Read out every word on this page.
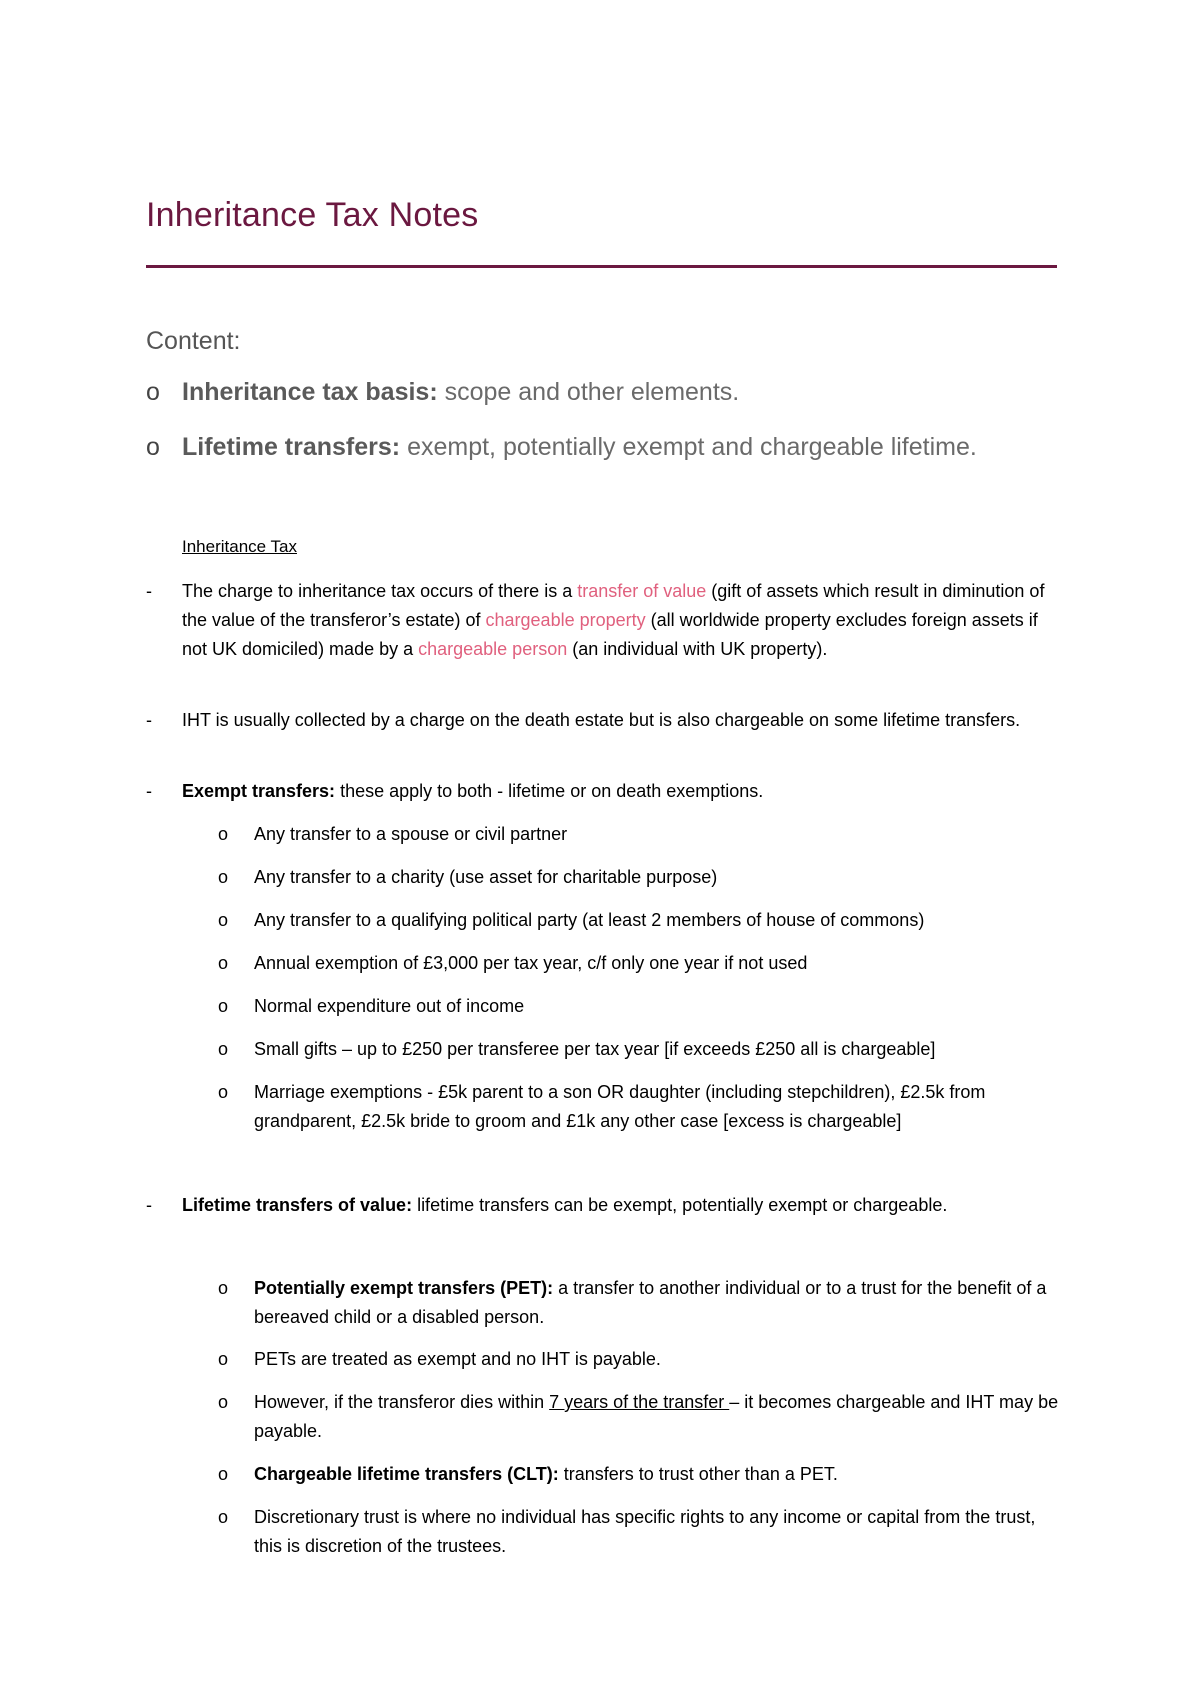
Inheritance Tax Notes
Content:
o Inheritance tax basis: scope and other elements.
o Lifetime transfers: exempt, potentially exempt and chargeable lifetime.
Inheritance Tax
- The charge to inheritance tax occurs of there is a transfer of value (gift of assets which result in diminution of the value of the transferor’s estate) of chargeable property (all worldwide property excludes foreign assets if not UK domiciled) made by a chargeable person (an individual with UK property).
- IHT is usually collected by a charge on the death estate but is also chargeable on some lifetime transfers.
- Exempt transfers: these apply to both - lifetime or on death exemptions.
o Any transfer to a spouse or civil partner
o Any transfer to a charity (use asset for charitable purpose)
o Any transfer to a qualifying political party (at least 2 members of house of commons)
o Annual exemption of £3,000 per tax year, c/f only one year if not used
o Normal expenditure out of income
o Small gifts – up to £250 per transferee per tax year [if exceeds £250 all is chargeable]
o Marriage exemptions - £5k parent to a son OR daughter (including stepchildren), £2.5k from grandparent, £2.5k bride to groom and £1k any other case [excess is chargeable]
- Lifetime transfers of value: lifetime transfers can be exempt, potentially exempt or chargeable.
o Potentially exempt transfers (PET): a transfer to another individual or to a trust for the benefit of a bereaved child or a disabled person.
o PETs are treated as exempt and no IHT is payable.
o However, if the transferor dies within 7 years of the transfer – it becomes chargeable and IHT may be payable.
o Chargeable lifetime transfers (CLT): transfers to trust other than a PET.
o Discretionary trust is where no individual has specific rights to any income or capital from the trust, this is discretion of the trustees.
